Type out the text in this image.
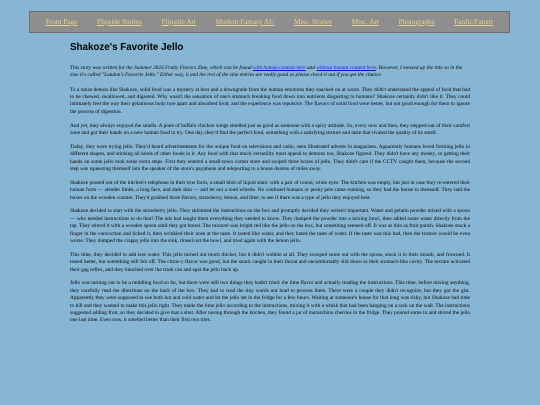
Front Page	Flipside Stories	Flipside Art	Modern Fantasy AU	Misc. Stories	Misc. Art	Photographs	Fanfic/Fanart
Shakoze's Favorite Jello

This story was written for the Summer 2023 Fruity Flavors Zine, which can be found with human content here and without human content here. However, I messed up the title so in the zine it's called "Landon's Favorite Jello." Either way, it and the rest of the zine entries are really good so please check it out if you get the chance.

To a noise demon like Shakoze, solid food was a mystery at best and a downgrade from the human emotions they snacked on at worst. They didn't understand the appeal of food that had to be chewed, swallowed, and digested. Why wasn't the sensation of one's stomach breaking food down into nutrients disgusting to humans? Shakoze certainly didn't like it. They could intimately feel the way their gelatinous body tore apart and absorbed food, and the experience was repulsive. The flavors of solid food were better, but not good enough for them to ignore the process of digestion.

And yet, they always enjoyed the smells. A plate of buffalo chicken wings smelled just as good as someone with a spicy attitude. So, every now and then, they stepped out of their comfort zone and got their hands on a new human food to try. One day, they'd find the perfect food, something with a satisfying texture and taste that rivaled the quality of its smell.

Today, they were trying jello. They'd heard advertisements for the unique food on televisions and radio, seen illustrated adverts in magazines. Apparently humans loved forming jello in different shapes, and sticking all kinds of other foods in it. Any food with that much versatility must appeal to demons too, Shakoze figured. They didn't have any money, so getting their hands on some jello took some extra steps. First they entered a small-town corner store and swiped three boxes of jello. They didn't care if the CCTV caught them, because the second step was squeezing themself into the speaker of the store's payphone and teleporting to a house dozens of miles away.

Shakoze poured out of the kitchen's telephone in their true form, a small blob of liquid static with a pair of round, white eyes. The kitchen was empty, but just in case they re-entered their human form — slender limbs, a long face, and dark skin — and let out a loud whistle. No confused humans or pesky pets came running, so they had the house to themself. They laid the boxes on the wooden counter. They'd grabbed three flavors, strawberry, lemon, and lime, to see if there was a type of jello they enjoyed best.

Shakoze decided to start with the strawberry jello. They skimmed the instructions on the box and promptly decided they weren't important. Water and gelatin powder mixed with a spoon — who needed instructions to do that? The ads had taught them everything they needed to know. They dumped the powder into a mixing bowl, then added some water directly from the tap. They stirred it with a wooden spoon until they got bored. The mixture was bright red like the jello on the box, but something seemed off. It was as thin as fruit punch. Shakoze stuck a finger in the concoction and licked it, then wrinkled their nose at the taste. It tasted like water, and they hated the taste of water. If the taste was this bad, then the texture would be even worse. They dumped the crappy jello into the sink, rinsed out the bowl, and tried again with the lemon jello.

This time, they decided to add less water. This jello turned out much thicker, but it didn't wobble at all. They scooped some out with the spoon, stuck it in their mouth, and frowned. It tasted better, but something still felt off. The citrus-y flavor was good, but the snack caught in their throat and uncomfortably slid down to their stomach-like cavity. The texture activated their gag reflex, and they hunched over the trash can and spat the jello back up.

Jello was turning out to be a middling food so far, but there were still two things they hadn't tried: the lime flavor and actually reading the instructions. This time, before mixing anything, they carefully read the directions on the back of the box. They had to read the tiny words out loud to process them. There were a couple they didn't recognize, but they got the gist. Apparently they were supposed to use both hot and cold water and let the jello set in the fridge for a few hours. Waiting at someone's house for that long was risky, but Shakoze had time to kill and they wanted to make this jello right. They made the lime jello according to the instructions, mixing it with a whisk that had been hanging on a rack on the wall. The instructions suggested adding fruit, so they decided to give that a shot. After nosing through the kitchen, they found a jar of maraschino cherries in the fridge. They poured some in and stirred the jello one last time. Even now, it smelled better than their first two tries.
